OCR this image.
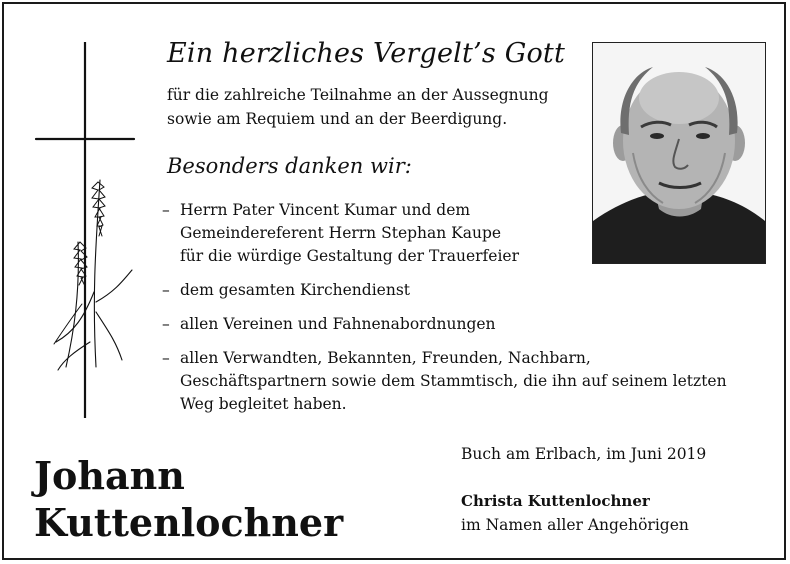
Ein herzliches Vergelt’s Gott
für die zahlreiche Teilnahme an der Aussegnung
sowie am Requiem und an der Beerdigung.
Besonders danken wir:
– Herrn Pater Vincent Kumar und dem
Gemeindereferent Herrn Stephan Kaupe
für die würdige Gestaltung der Trauerfeier
– dem gesamten Kirchendienst
– allen Vereinen und Fahnenabordnungen
– allen Verwandten, Bekannten, Freunden, Nachbarn,
Geschäftspartnern sowie dem Stammtisch, die ihn auf seinem letzten
Weg begleitet haben.
Buch am Erlbach, im Juni 2019
Christa Kuttenlochner
im Namen aller Angehörigen
Johann
Kuttenlochner
